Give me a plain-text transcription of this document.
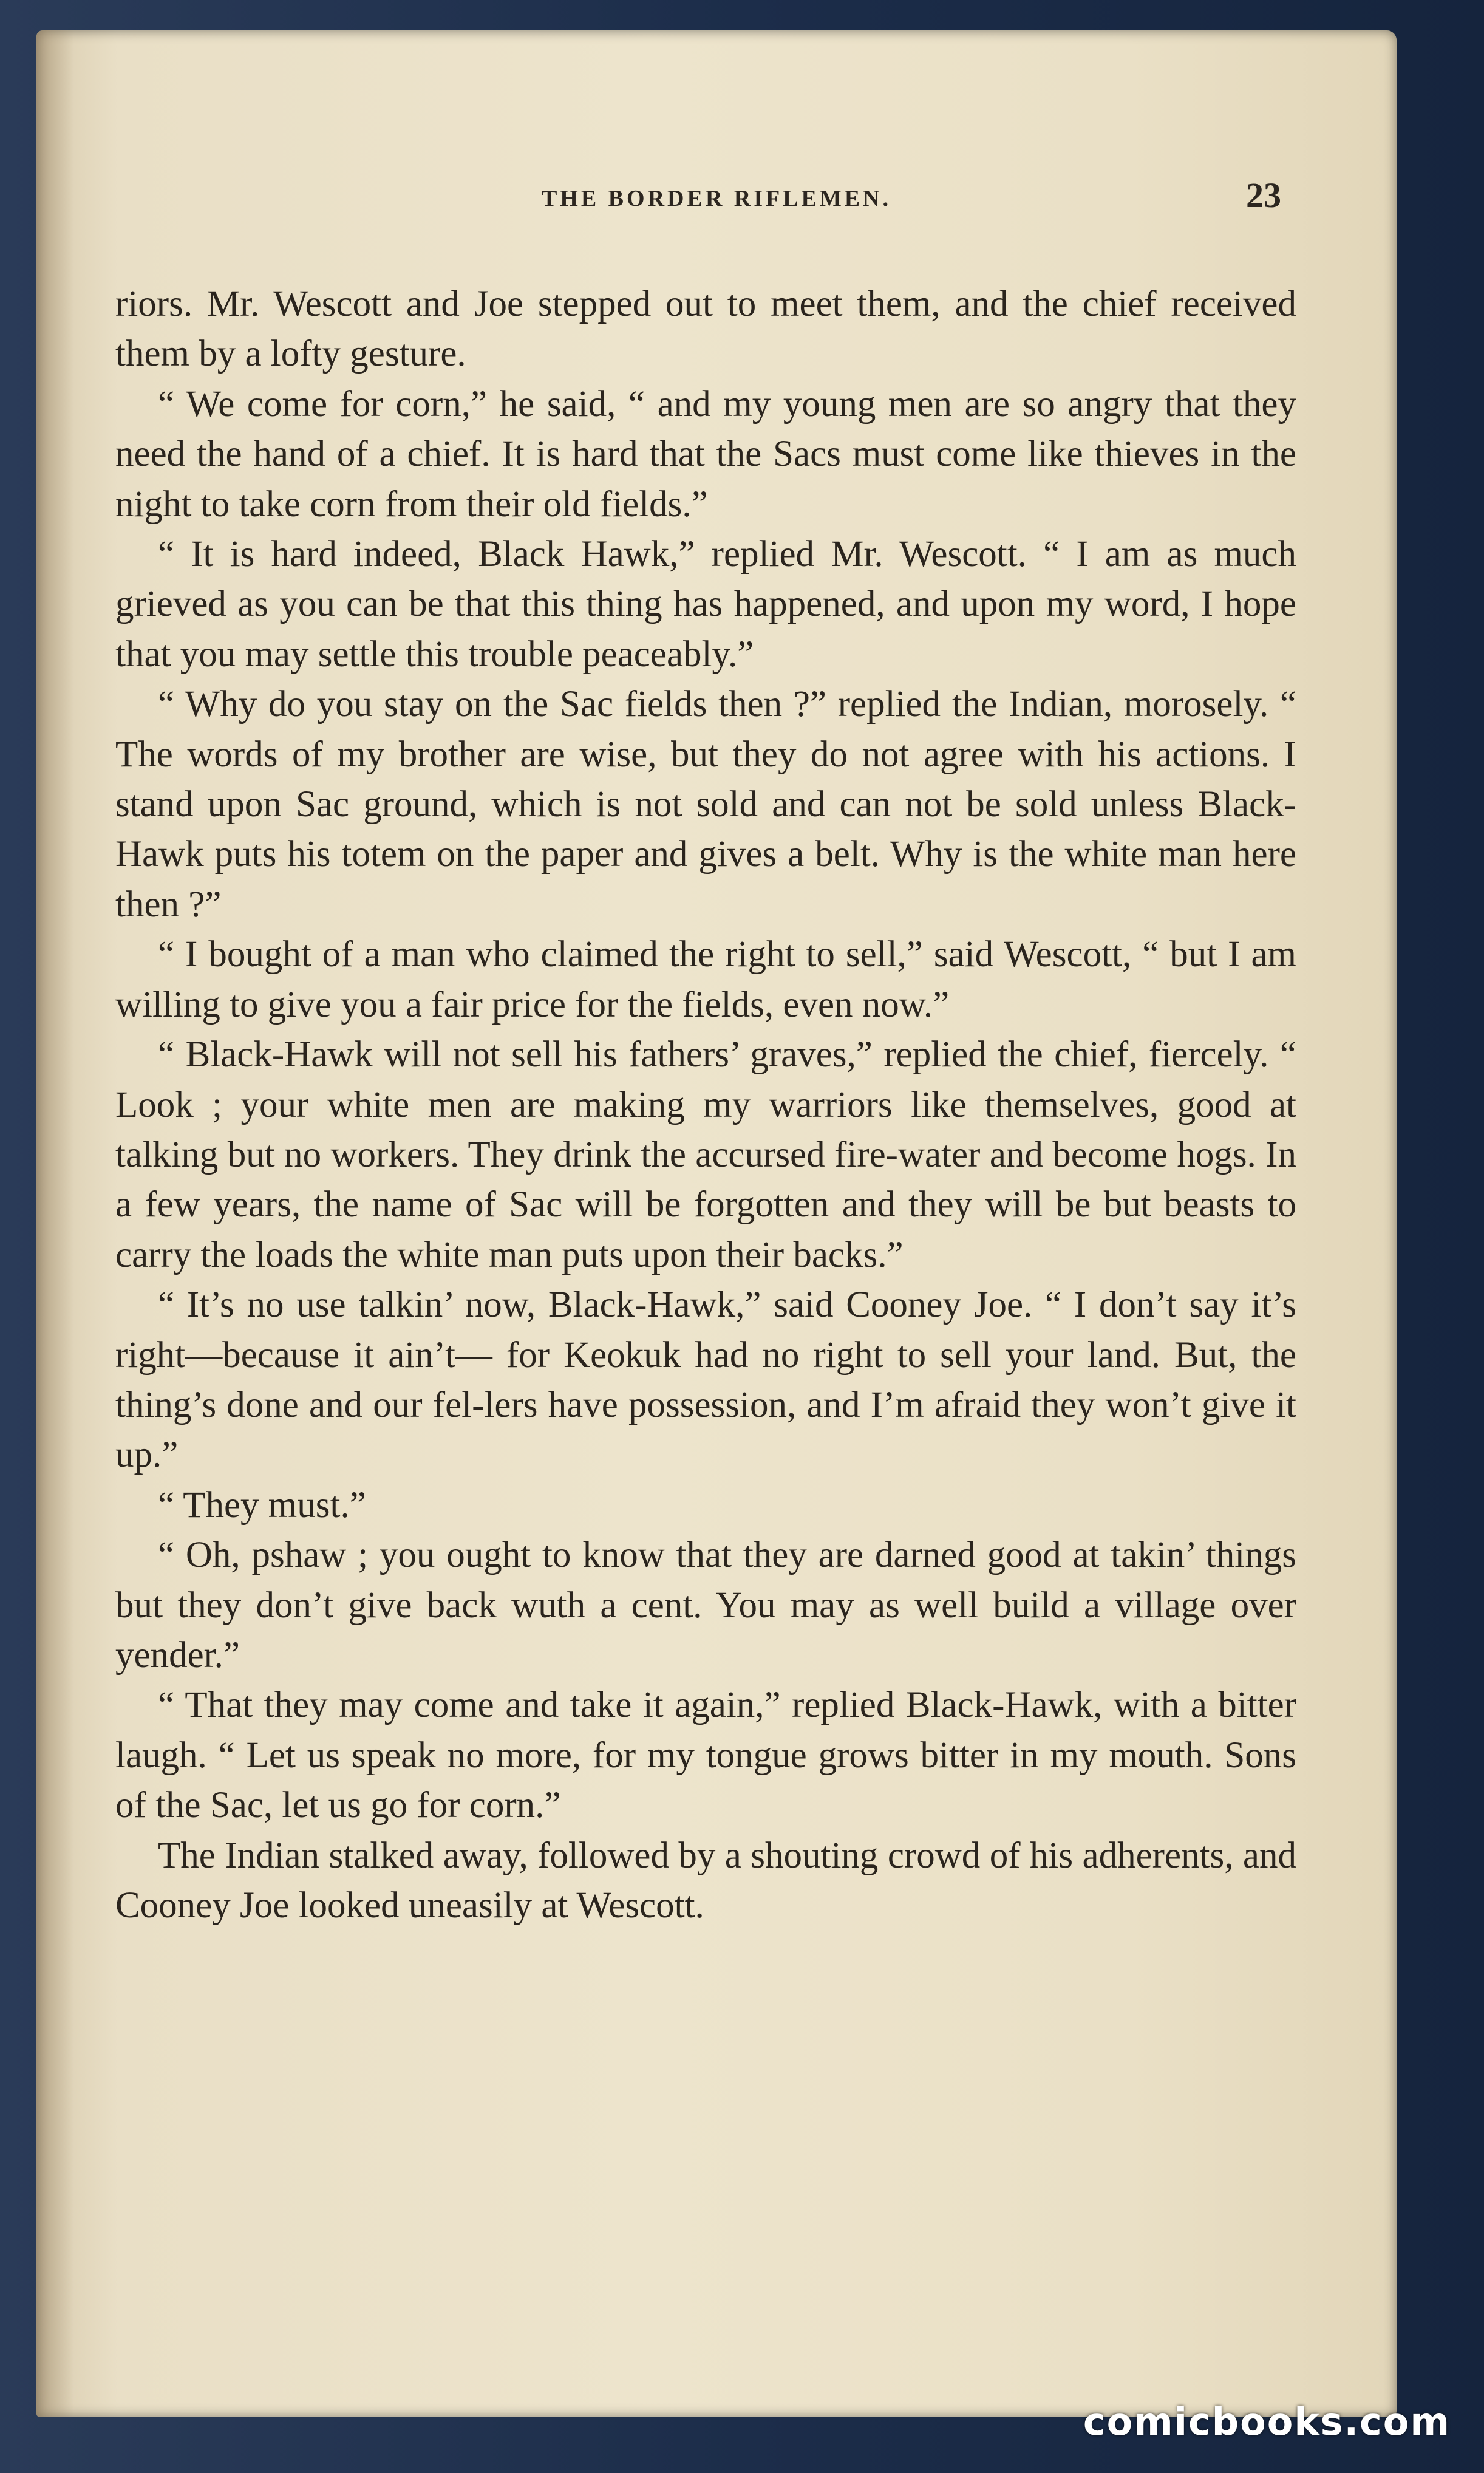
THE BORDER RIFLEMEN.	23

riors. Mr. Wescott and Joe stepped out to meet them, and the chief received them by a lofty gesture.

“ We come for corn,” he said, “ and my young men are so angry that they need the hand of a chief. It is hard that the Sacs must come like thieves in the night to take corn from their old fields.”

“ It is hard indeed, Black Hawk,” replied Mr. Wescott. “ I am as much grieved as you can be that this thing has happened, and upon my word, I hope that you may settle this trouble peaceably.”

“ Why do you stay on the Sac fields then ?” replied the Indian, morosely. “ The words of my brother are wise, but they do not agree with his actions. I stand upon Sac ground, which is not sold and can not be sold unless Black-Hawk puts his totem on the paper and gives a belt. Why is the white man here then ?”

“ I bought of a man who claimed the right to sell,” said Wescott, “ but I am willing to give you a fair price for the fields, even now.”

“ Black-Hawk will not sell his fathers’ graves,” replied the chief, fiercely. “ Look ; your white men are making my warriors like themselves, good at talking but no workers. They drink the accursed fire-water and become hogs. In a few years, the name of Sac will be forgotten and they will be but beasts to carry the loads the white man puts upon their backs.”

“ It’s no use talkin’ now, Black-Hawk,” said Cooney Joe. “ I don’t say it’s right—because it ain’t— for Keokuk had no right to sell your land. But, the thing’s done and our fel-lers have possession, and I’m afraid they won’t give it up.”

“ They must.”

“ Oh, pshaw ; you ought to know that they are darned good at takin’ things but they don’t give back wuth a cent. You may as well build a village over yender.”

“ That they may come and take it again,” replied Black-Hawk, with a bitter laugh. “ Let us speak no more, for my tongue grows bitter in my mouth. Sons of the Sac, let us go for corn.”

The Indian stalked away, followed by a shouting crowd of his adherents, and Cooney Joe looked uneasily at Wescott.

comicbooks.com
